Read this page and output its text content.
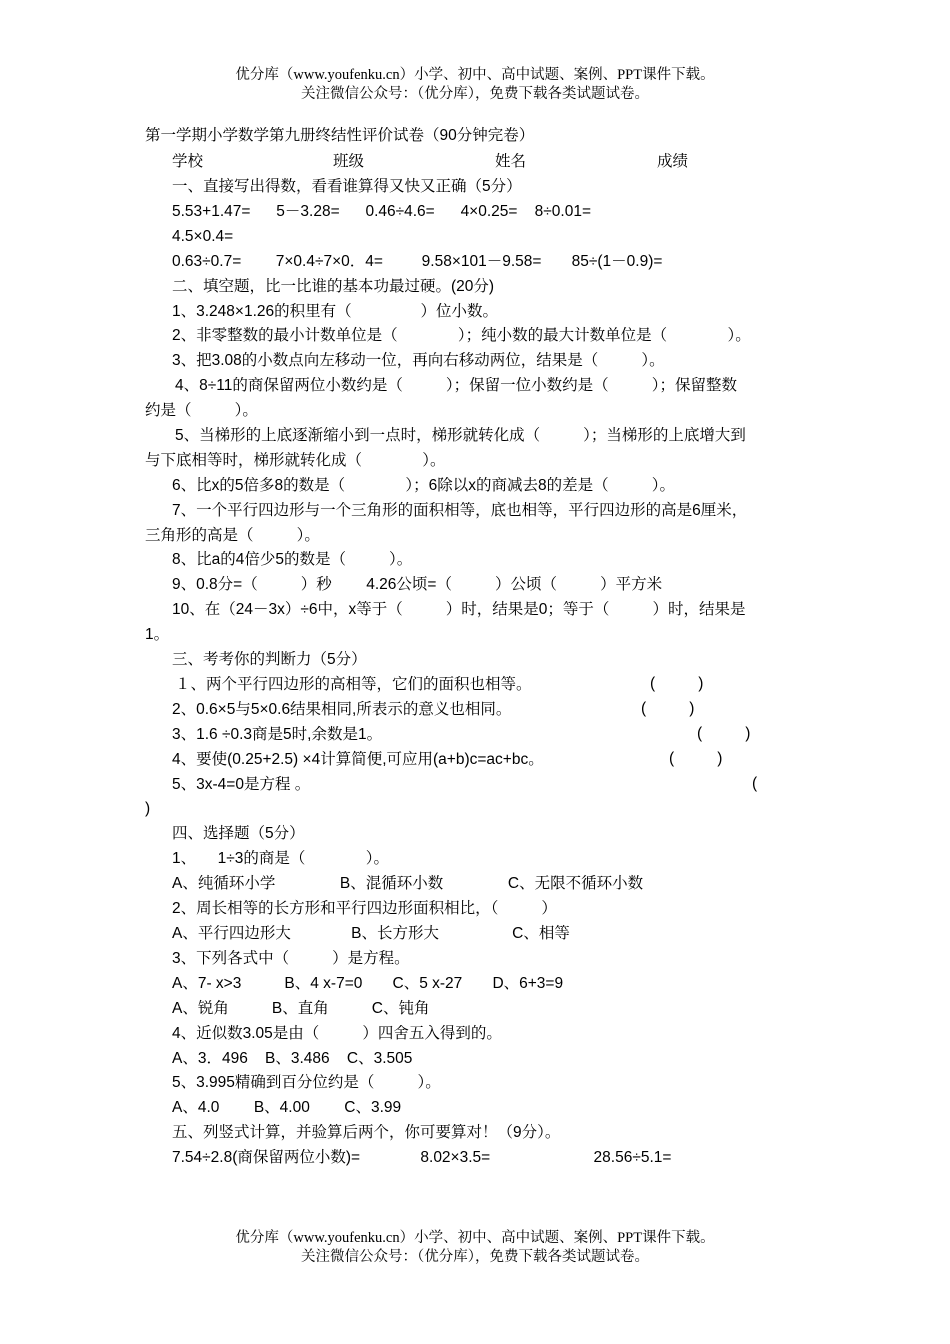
优分库（www.youfenku.cn）小学、初中、高中试题、案例、PPT课件下载。
关注微信公众号：（优分库），免费下载各类试题试卷。
第一学期小学数学第九册终结性评价试卷（90分钟完卷）
学校	班级	姓名	成绩
一、直接写出得数，看看谁算得又快又正确（5分）
5.53+1.47=      5－3.28=      0.46÷4.6=      4×0.25=    8÷0.01=
4.5×0.4=
0.63÷0.7=        7×0.4÷7×0．4=         9.58×101－9.58=       85÷(1－0.9)=
二、填空题，比一比谁的基本功最过硬。(20分)
1、3.248×1.26的积里有（                ）位小数。
2、非零整数的最小计数单位是（              ）；纯小数的最大计数单位是（              ）。
3、把3.08的小数点向左移动一位，再向右移动两位，结果是（          ）。
4、8÷11的商保留两位小数约是（          ）；保留一位小数约是（          ）；保留整数
约是（          ）。
5、当梯形的上底逐渐缩小到一点时，梯形就转化成（          ）；当梯形的上底增大到
与下底相等时，梯形就转化成（              ）。
6、比x的5倍多8的数是（              ）；6除以x的商减去8的差是（          ）。
7、一个平行四边形与一个三角形的面积相等，底也相等，平行四边形的高是6厘米，
三角形的高是（          ）。
8、比a的4倍少5的数是（          ）。
9、0.8分=（          ）秒        4.26公顷=（          ）公顷（          ）平方米
10、在（24－3x）÷6中，x等于（          ）时，结果是0；等于（          ）时，结果是
1。
三、考考你的判断力（5分）
１、两个平行四边形的高相等，它们的面积也相等。	(          )
2、0.6×5与5×0.6结果相同,所表示的意义也相同。	(          )
3、1.6 ÷0.3商是5时,余数是1。	(          )
4、要使(0.25+2.5) ×4计算简便,可应用(a+b)c=ac+bc。	(          )
5、3x-4=0是方程 。	(
)
四、选择题（5分）
1、     1÷3的商是（              ）。
A、纯循环小学               B、混循环小数               C、无限不循环小数
2、周长相等的长方形和平行四边形面积相比，（          ）
A、平行四边形大              B、长方形大                 C、相等
3、下列各式中（          ）是方程。
A、7- x>3          B、4 x-7=0       C、5 x-27       D、6+3=9
A、锐角          B、直角          C、钝角
4、近似数3.05是由（          ）四舍五入得到的。
A、3．496    B、3.486    C、3.505
5、3.995精确到百分位约是（          ）。
A、4.0        B、4.00        C、3.99
五、列竖式计算，并验算后两个，你可要算对！（9分）。
7.54÷2.8(商保留两位小数)=              8.02×3.5=                        28.56÷5.1=
优分库（www.youfenku.cn）小学、初中、高中试题、案例、PPT课件下载。
关注微信公众号：（优分库），免费下载各类试题试卷。
